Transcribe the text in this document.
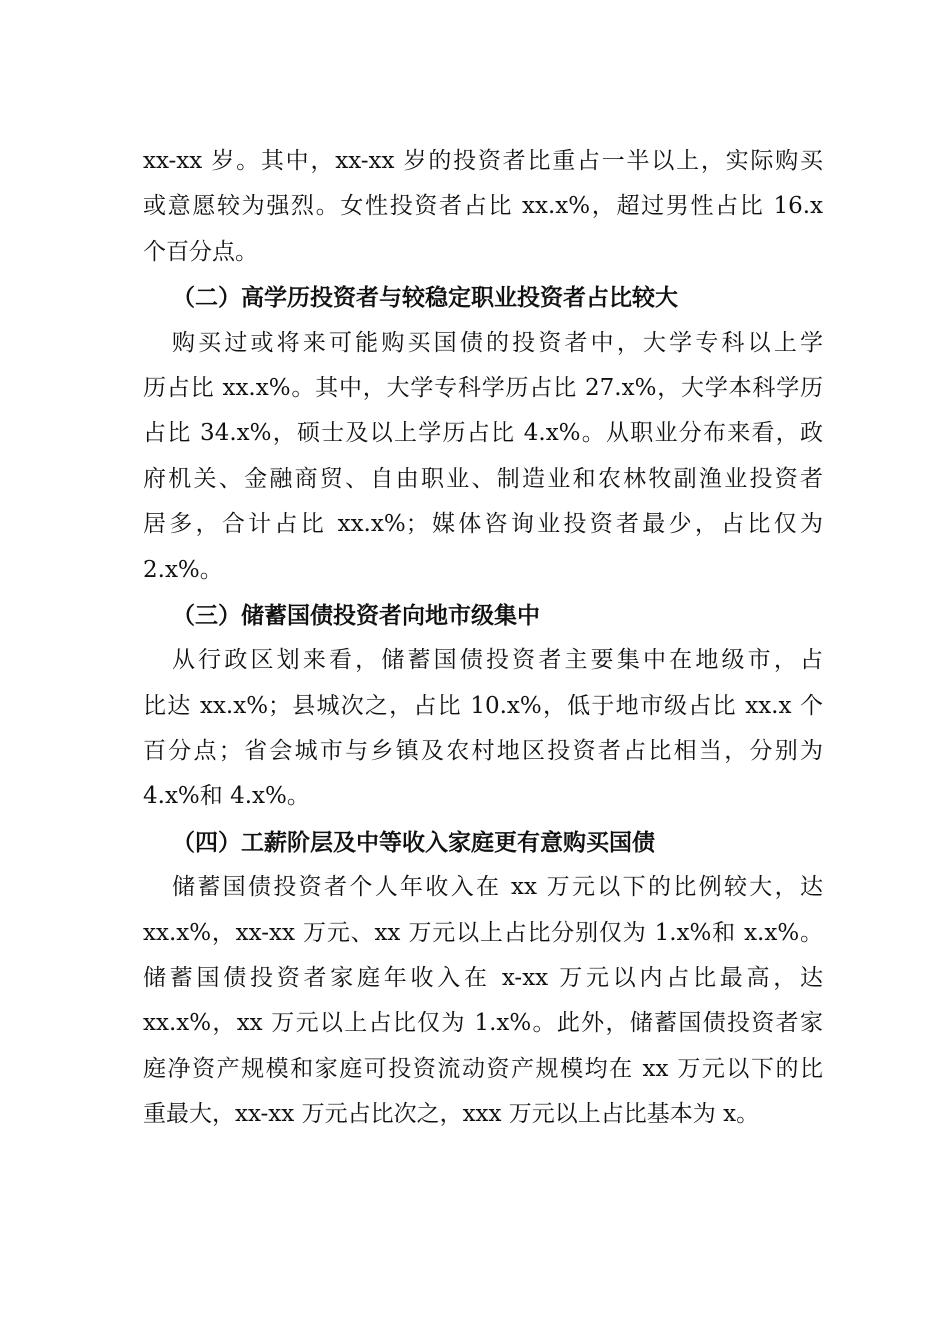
xx-xx 岁。其中，xx-xx 岁的投资者比重占一半以上，实际购买
或意愿较为强烈。女性投资者占比 xx.x%，超过男性占比 16.x
个百分点。
（二）高学历投资者与较稳定职业投资者占比较大
购买过或将来可能购买国债的投资者中，大学专科以上学
历占比 xx.x%。其中，大学专科学历占比 27.x%，大学本科学历
占比 34.x%，硕士及以上学历占比 4.x%。从职业分布来看，政
府机关、金融商贸、自由职业、制造业和农林牧副渔业投资者
居多，合计占比 xx.x%；媒体咨询业投资者最少，占比仅为
2.x%。
（三）储蓄国债投资者向地市级集中
从行政区划来看，储蓄国债投资者主要集中在地级市，占
比达 xx.x%；县城次之，占比 10.x%，低于地市级占比 xx.x 个
百分点；省会城市与乡镇及农村地区投资者占比相当，分别为
4.x%和 4.x%。
（四）工薪阶层及中等收入家庭更有意购买国债
储蓄国债投资者个人年收入在 xx 万元以下的比例较大，达
xx.x%，xx-xx 万元、xx 万元以上占比分别仅为 1.x%和 x.x%。
储蓄国债投资者家庭年收入在 x-xx 万元以内占比最高，达
xx.x%，xx 万元以上占比仅为 1.x%。此外，储蓄国债投资者家
庭净资产规模和家庭可投资流动资产规模均在 xx 万元以下的比
重最大，xx-xx 万元占比次之，xxx 万元以上占比基本为 x。
